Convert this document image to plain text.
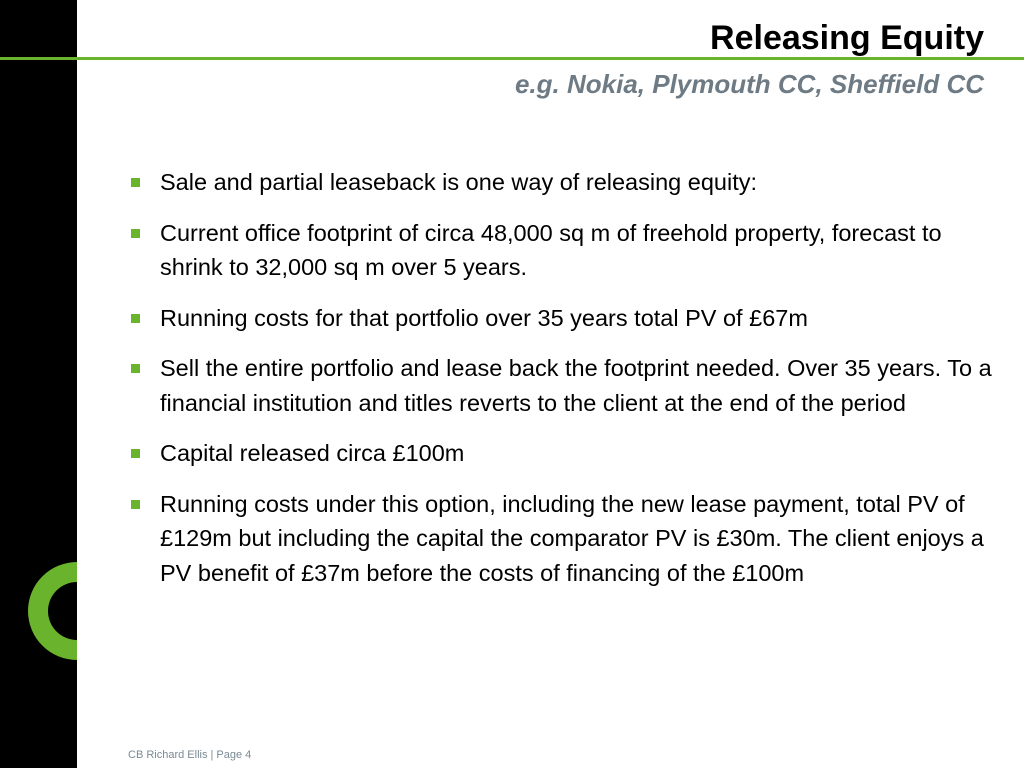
Releasing Equity
e.g. Nokia, Plymouth CC, Sheffield CC
Sale and partial leaseback is one way of releasing equity:
Current office footprint of circa 48,000 sq m of freehold property, forecast to shrink to 32,000 sq m over 5 years.
Running costs for that portfolio over 35 years total PV of £67m
Sell the entire portfolio and lease back the footprint needed. Over 35 years. To a financial institution and titles reverts to the client at the end of the period
Capital released circa £100m
Running costs under this option, including the new lease payment, total PV of £129m but including the capital the comparator PV is £30m. The client enjoys a PV benefit of £37m before the costs of financing of the £100m
CB Richard Ellis | Page 4
